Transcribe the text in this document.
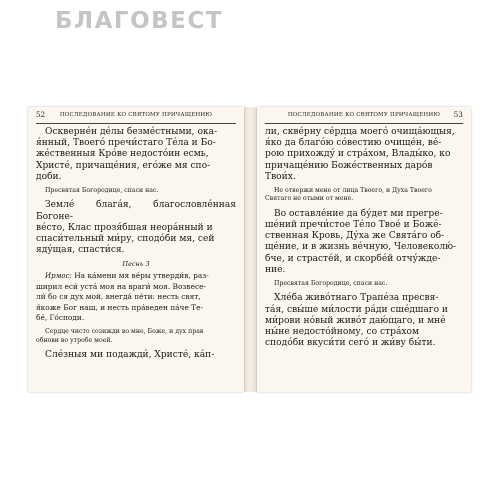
БЛАГОВЕСТ
52	ПОСЛЕДОВАНИЕ КО СВЯТОМУ ПРИЧАЩЕНИЮ
Оскверне́н де́лы безме́стными, ока-
я́нный, Твоего́ пречи́стаго Те́ла и Бо-
же́ственныя Кро́ве недосто́ин есмь,
Христе́, причаще́ния, его́же мя спо-
доби.
Пресвятая Богородице, спаси нас.
Земле́ блага́я, благословле́нная Богоне-
ве́сто, Клас прозя́бшая неора́нный и
спаси́тельный ми́ру, сподо́би мя, сей
яду́щая, спасти́ся.
Песнь 3
Ирмос: На ка́мени мя ве́ры утверди́в, раз-
ширил еси́ уста́ моя на враги́ моя. Возвесе-
ли́ бо ся дух мой, внегда́ пе́ти: несть свят,
я́коже Бог наш, и несть пра́веден па́че Те-
бе́, Го́споди.
Сердце чисто созижди во мне, Боже, и дух прав
обнови во утробе моей.
Сле́зныя ми подажди́, Христе́, ка́п-
ПОСЛЕДОВАНИЕ КО СВЯТОМУ ПРИЧАЩЕНИЮ	53
ли, скве́рну се́рдца моего́ очища́ющыя,
я́ко да благо́ю со́вестию очище́н, ве́-
рою прихожду́ и стра́хом, Влады́ко, ко
причаще́нию Боже́ственных даро́в
Твои́х.
Не отвержи мене от лица Твоего, и Духа Твоего
Святаго не отыми от мене.
Во оставле́ние да бу́дет ми прегре-
ше́ний пречи́стое Те́ло Твое́ и Боже́-
ственная Кровь, Ду́ха же Свята́го об-
ще́ние, и в жизнь ве́чную, Человеколю́-
бче, и страсте́й, и скорбе́й отчу́жде-
ние.
Пресвятая Богородице, спаси нас.
Хле́ба живо́тнаго Трапе́за пресвя-
та́я, свы́ше ми́лости ра́ди сше́дшаго и
ми́рови но́вый живо́т даю́щаго, и мне́
ны́не недосто́йному, со стра́хом
сподо́би вкуси́ти сего́ и жи́ву бы́ти.
